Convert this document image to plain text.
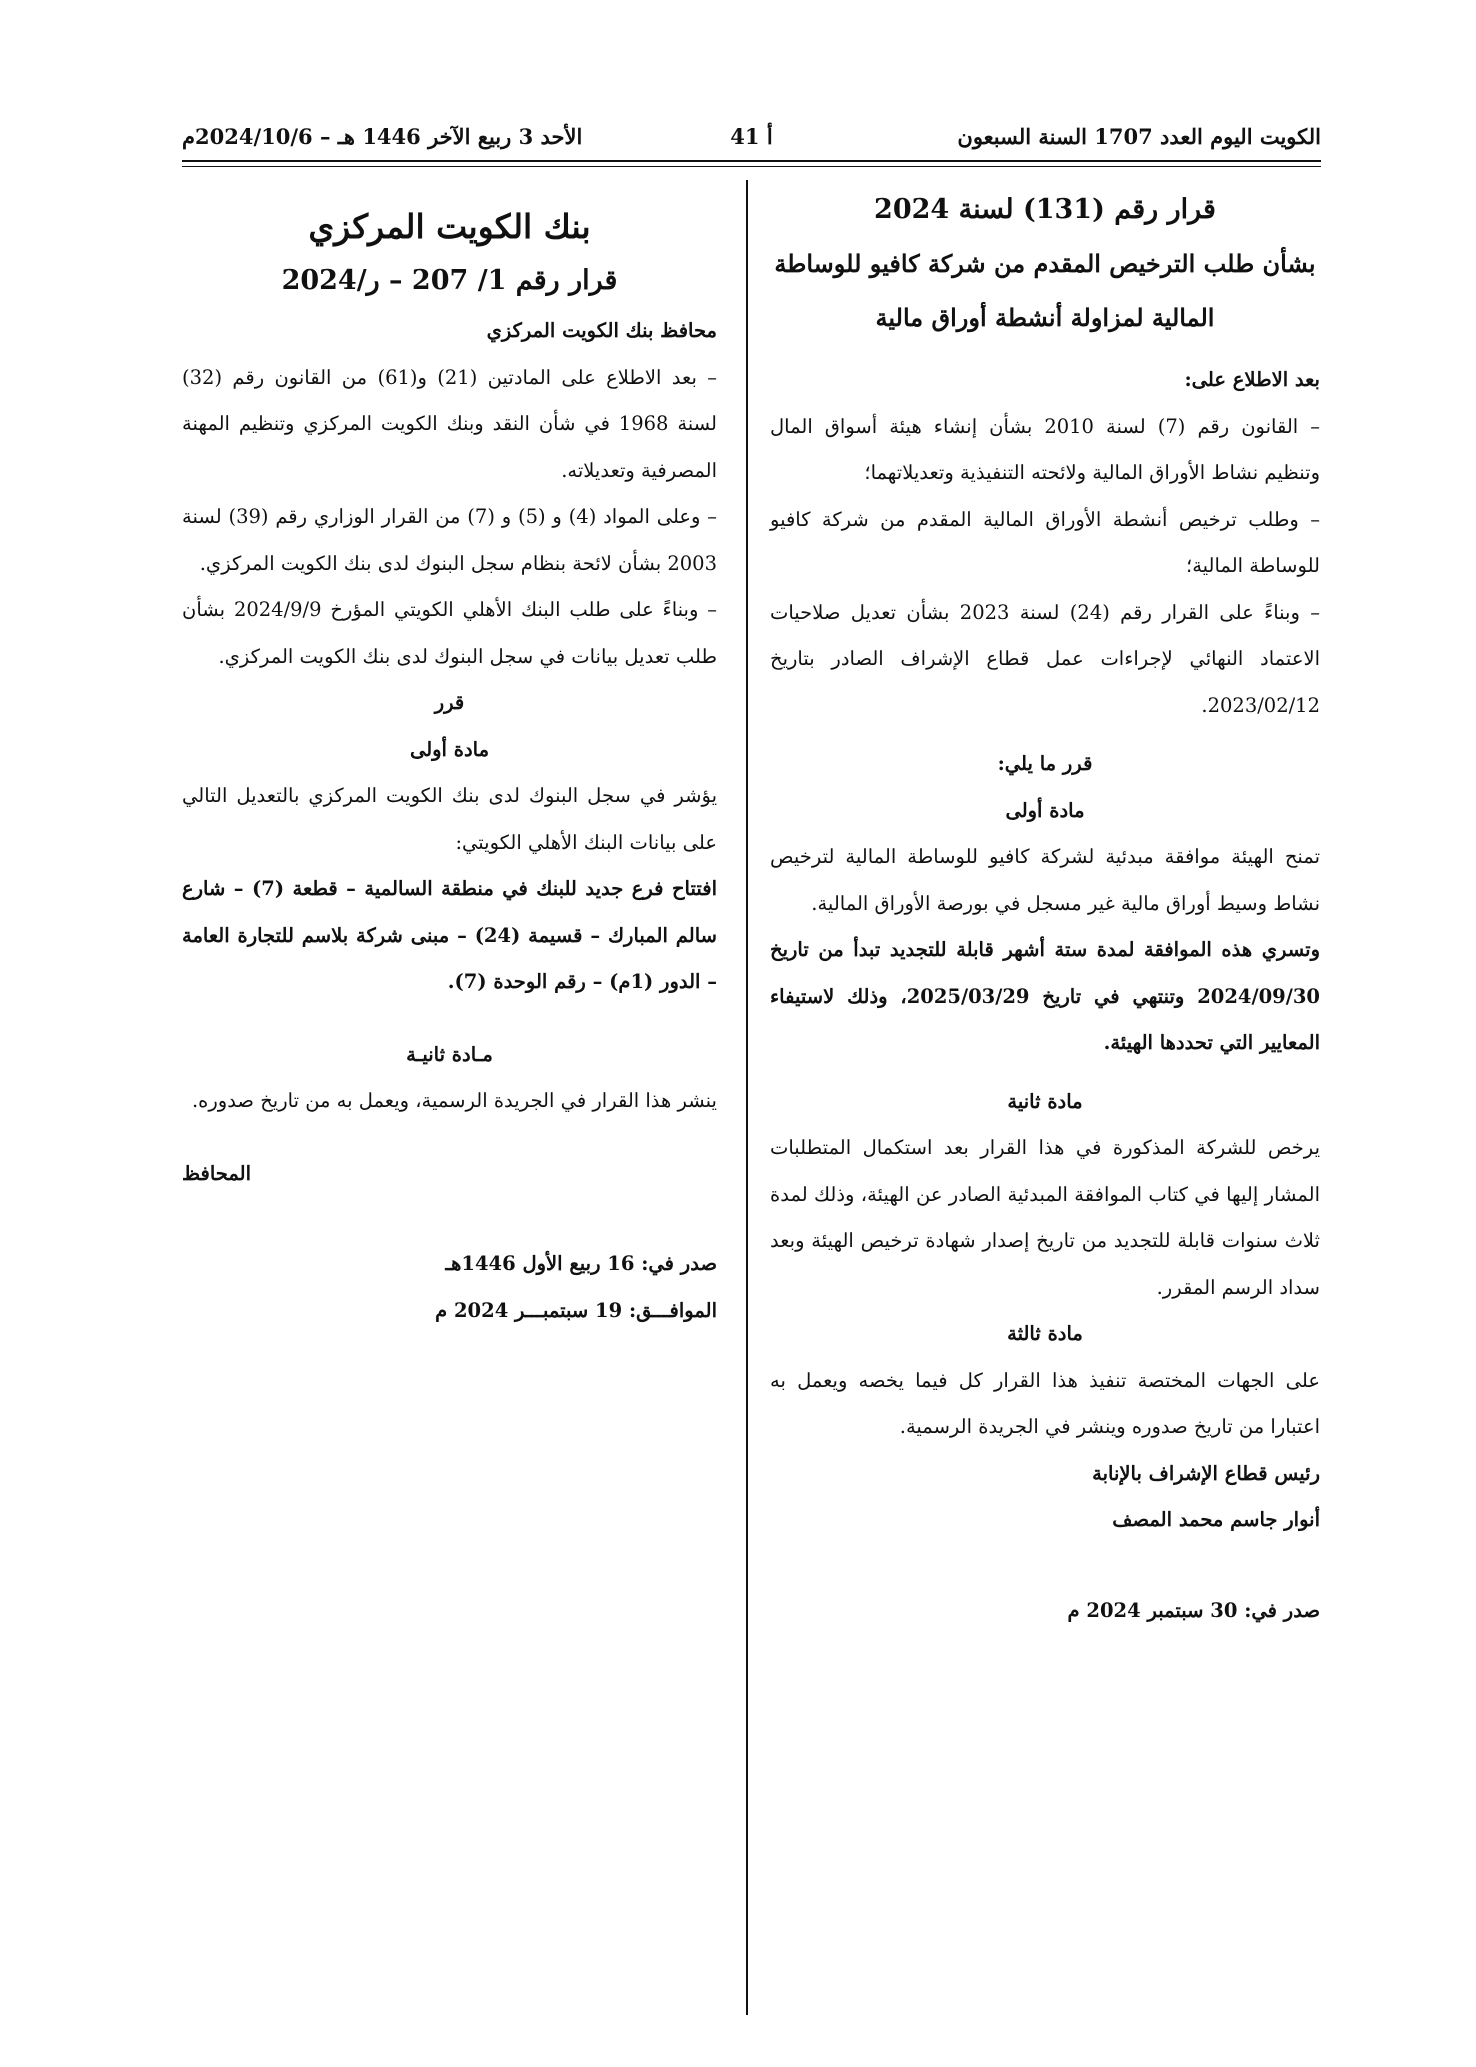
الكويت اليوم العدد 1707 السنة السبعون
أ 41
الأحد 3 ربيع الآخر 1446 هـ – 2024/10/6م

قرار رقم (131) لسنة 2024

بشأن طلب الترخيص المقدم من شركة كافيو للوساطة

المالية لمزاولة أنشطة أوراق مالية

بعد الاطلاع على:

– القانون رقم (7) لسنة 2010 بشأن إنشاء هيئة أسواق المال وتنظيم نشاط الأوراق المالية ولائحته التنفيذية وتعديلاتهما؛

– وطلب ترخيص أنشطة الأوراق المالية المقدم من شركة كافيو للوساطة المالية؛

– وبناءً على القرار رقم (24) لسنة 2023 بشأن تعديل صلاحيات الاعتماد النهائي لإجراءات عمل قطاع الإشراف الصادر بتاريخ 2023/02/12.

قرر ما يلي:

مادة أولى

تمنح الهيئة موافقة مبدئية لشركة كافيو للوساطة المالية لترخيص نشاط وسيط أوراق مالية غير مسجل في بورصة الأوراق المالية.

وتسري هذه الموافقة لمدة ستة أشهر قابلة للتجديد تبدأ من تاريخ 2024/09/30 وتنتهي في تاريخ 2025/03/29، وذلك لاستيفاء المعايير التي تحددها الهيئة.

مادة ثانية

يرخص للشركة المذكورة في هذا القرار بعد استكمال المتطلبات المشار إليها في كتاب الموافقة المبدئية الصادر عن الهيئة، وذلك لمدة ثلاث سنوات قابلة للتجديد من تاريخ إصدار شهادة ترخيص الهيئة وبعد سداد الرسم المقرر.

مادة ثالثة

على الجهات المختصة تنفيذ هذا القرار كل فيما يخصه ويعمل به اعتبارا من تاريخ صدوره وينشر في الجريدة الرسمية.

رئيس قطاع الإشراف بالإنابة

أنوار جاسم محمد المصف

صدر في: 30 سبتمبر 2024 م

بنك الكويت المركزي

قرار رقم 1/ 207 – ر/2024

محافظ بنك الكويت المركزي

– بعد الاطلاع على المادتين (21) و(61) من القانون رقم (32) لسنة 1968 في شأن النقد وبنك الكويت المركزي وتنظيم المهنة المصرفية وتعديلاته.

– وعلى المواد (4) و (5) و (7) من القرار الوزاري رقم (39) لسنة 2003 بشأن لائحة بنظام سجل البنوك لدى بنك الكويت المركزي.

– وبناءً على طلب البنك الأهلي الكويتي المؤرخ 2024/9/9 بشأن طلب تعديل بيانات في سجل البنوك لدى بنك الكويت المركزي.

قرر

مادة أولى

يؤشر في سجل البنوك لدى بنك الكويت المركزي بالتعديل التالي على بيانات البنك الأهلي الكويتي:

افتتاح فرع جديد للبنك في منطقة السالمية – قطعة (7) – شارع سالم المبارك – قسيمة (24) – مبنى شركة بلاسم للتجارة العامة – الدور (1م) – رقم الوحدة (7).

مـادة ثانيـة

ينشر هذا القرار في الجريدة الرسمية، ويعمل به من تاريخ صدوره.

المحافظ

صدر في: 16 ربيع الأول 1446هـ

الموافـــق: 19 سبتمبـــر 2024 م
